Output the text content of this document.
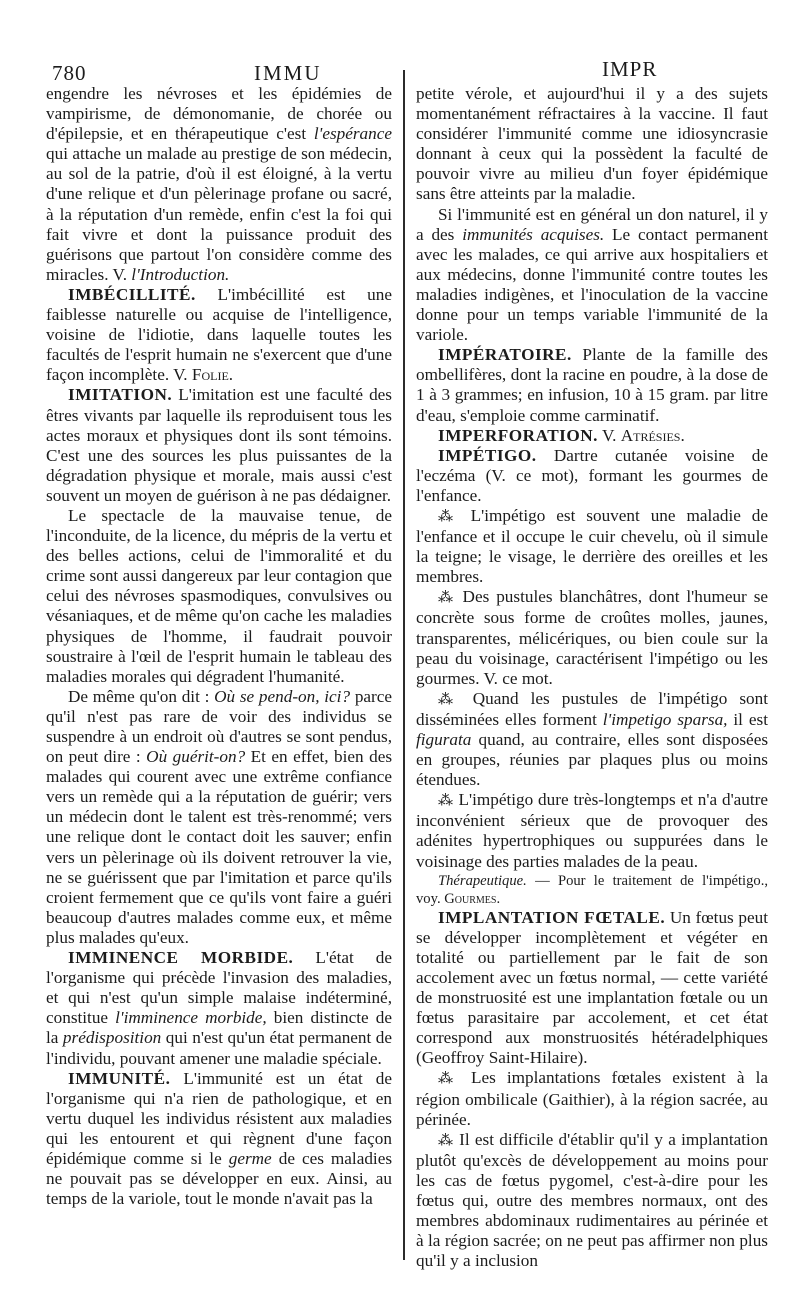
780	IMMU	IMPR

engendre les névroses et les épidémies de vampirisme, de démonomanie, de chorée ou d'épilepsie, et en thérapeutique c'est l'espérance qui attache un malade au prestige de son médecin, au sol de la patrie, d'où il est éloigné, à la vertu d'une relique et d'un pèlerinage profane ou sacré, à la réputation d'un remède, enfin c'est la foi qui fait vivre et dont la puissance produit des guérisons que partout l'on considère comme des miracles. V. l'Introduction.

IMBÉCILLITÉ. L'imbécillité est une faiblesse naturelle ou acquise de l'intelligence, voisine de l'idiotie, dans laquelle toutes les facultés de l'esprit humain ne s'exercent que d'une façon incomplète. V. Folie.

IMITATION. L'imitation est une faculté des êtres vivants par laquelle ils reproduisent tous les actes moraux et physiques dont ils sont témoins. C'est une des sources les plus puissantes de la dégradation physique et morale, mais aussi c'est souvent un moyen de guérison à ne pas dédaigner.

Le spectacle de la mauvaise tenue, de l'inconduite, de la licence, du mépris de la vertu et des belles actions, celui de l'immoralité et du crime sont aussi dangereux par leur contagion que celui des névroses spasmodiques, convulsives ou vésaniaques, et de même qu'on cache les maladies physiques de l'homme, il faudrait pouvoir soustraire à l'œil de l'esprit humain le tableau des maladies morales qui dégradent l'humanité.

De même qu'on dit : Où se pend-on, ici? parce qu'il n'est pas rare de voir des individus se suspendre à un endroit où d'autres se sont pendus, on peut dire : Où guérit-on? Et en effet, bien des malades qui courent avec une extrême confiance vers un remède qui a la réputation de guérir; vers un médecin dont le talent est très-renommé; vers une relique dont le contact doit les sauver; enfin vers un pèlerinage où ils doivent retrouver la vie, ne se guérissent que par l'imitation et parce qu'ils croient fermement que ce qu'ils vont faire a guéri beaucoup d'autres malades comme eux, et même plus malades qu'eux.

IMMINENCE MORBIDE. L'état de l'organisme qui précède l'invasion des maladies, et qui n'est qu'un simple malaise indéterminé, constitue l'imminence morbide, bien distincte de la prédisposition qui n'est qu'un état permanent de l'individu, pouvant amener une maladie spéciale.

IMMUNITÉ. L'immunité est un état de l'organisme qui n'a rien de pathologique, et en vertu duquel les individus résistent aux maladies qui les entourent et qui règnent d'une façon épidémique comme si le germe de ces maladies ne pouvait pas se développer en eux. Ainsi, au temps de la variole, tout le monde n'avait pas la

petite vérole, et aujourd'hui il y a des sujets momentanément réfractaires à la vaccine. Il faut considérer l'immunité comme une idiosyncrasie donnant à ceux qui la possèdent la faculté de pouvoir vivre au milieu d'un foyer épidémique sans être atteints par la maladie.

Si l'immunité est en général un don naturel, il y a des immunités acquises. Le contact permanent avec les malades, ce qui arrive aux hospitaliers et aux médecins, donne l'immunité contre toutes les maladies indigènes, et l'inoculation de la vaccine donne pour un temps variable l'immunité de la variole.

IMPÉRATOIRE. Plante de la famille des ombellifères, dont la racine en poudre, à la dose de 1 à 3 grammes; en infusion, 10 à 15 gram. par litre d'eau, s'emploie comme carminatif.

IMPERFORATION. V. Atrésies.

IMPÉTIGO. Dartre cutanée voisine de l'eczéma (V. ce mot), formant les gourmes de l'enfance.

⁂ L'impétigo est souvent une maladie de l'enfance et il occupe le cuir chevelu, où il simule la teigne; le visage, le derrière des oreilles et les membres.

⁂ Des pustules blanchâtres, dont l'humeur se concrète sous forme de croûtes molles, jaunes, transparentes, mélicériques, ou bien coule sur la peau du voisinage, caractérisent l'impétigo ou les gourmes. V. ce mot.

⁂ Quand les pustules de l'impétigo sont disséminées elles forment l'impetigo sparsa, il est figurata quand, au contraire, elles sont disposées en groupes, réunies par plaques plus ou moins étendues.

⁂ L'impétigo dure très-longtemps et n'a d'autre inconvénient sérieux que de provoquer des adénites hypertrophiques ou suppurées dans le voisinage des parties malades de la peau.

Thérapeutique. — Pour le traitement de l'impétigo., voy. Gourmes.

IMPLANTATION FŒTALE. Un fœtus peut se développer incomplètement et végéter en totalité ou partiellement par le fait de son accolement avec un fœtus normal, — cette variété de monstruosité est une implantation fœtale ou un fœtus parasitaire par accolement, et cet état correspond aux monstruosités hétéradelphiques (Geoffroy Saint-Hilaire).

⁂ Les implantations fœtales existent à la région ombilicale (Gaithier), à la région sacrée, au périnée.

⁂ Il est difficile d'établir qu'il y a implantation plutôt qu'excès de développement au moins pour les cas de fœtus pygomel, c'est-à-dire pour les fœtus qui, outre des membres normaux, ont des membres abdominaux rudimentaires au périnée et à la région sacrée; on ne peut pas affirmer non plus qu'il y a inclusion
